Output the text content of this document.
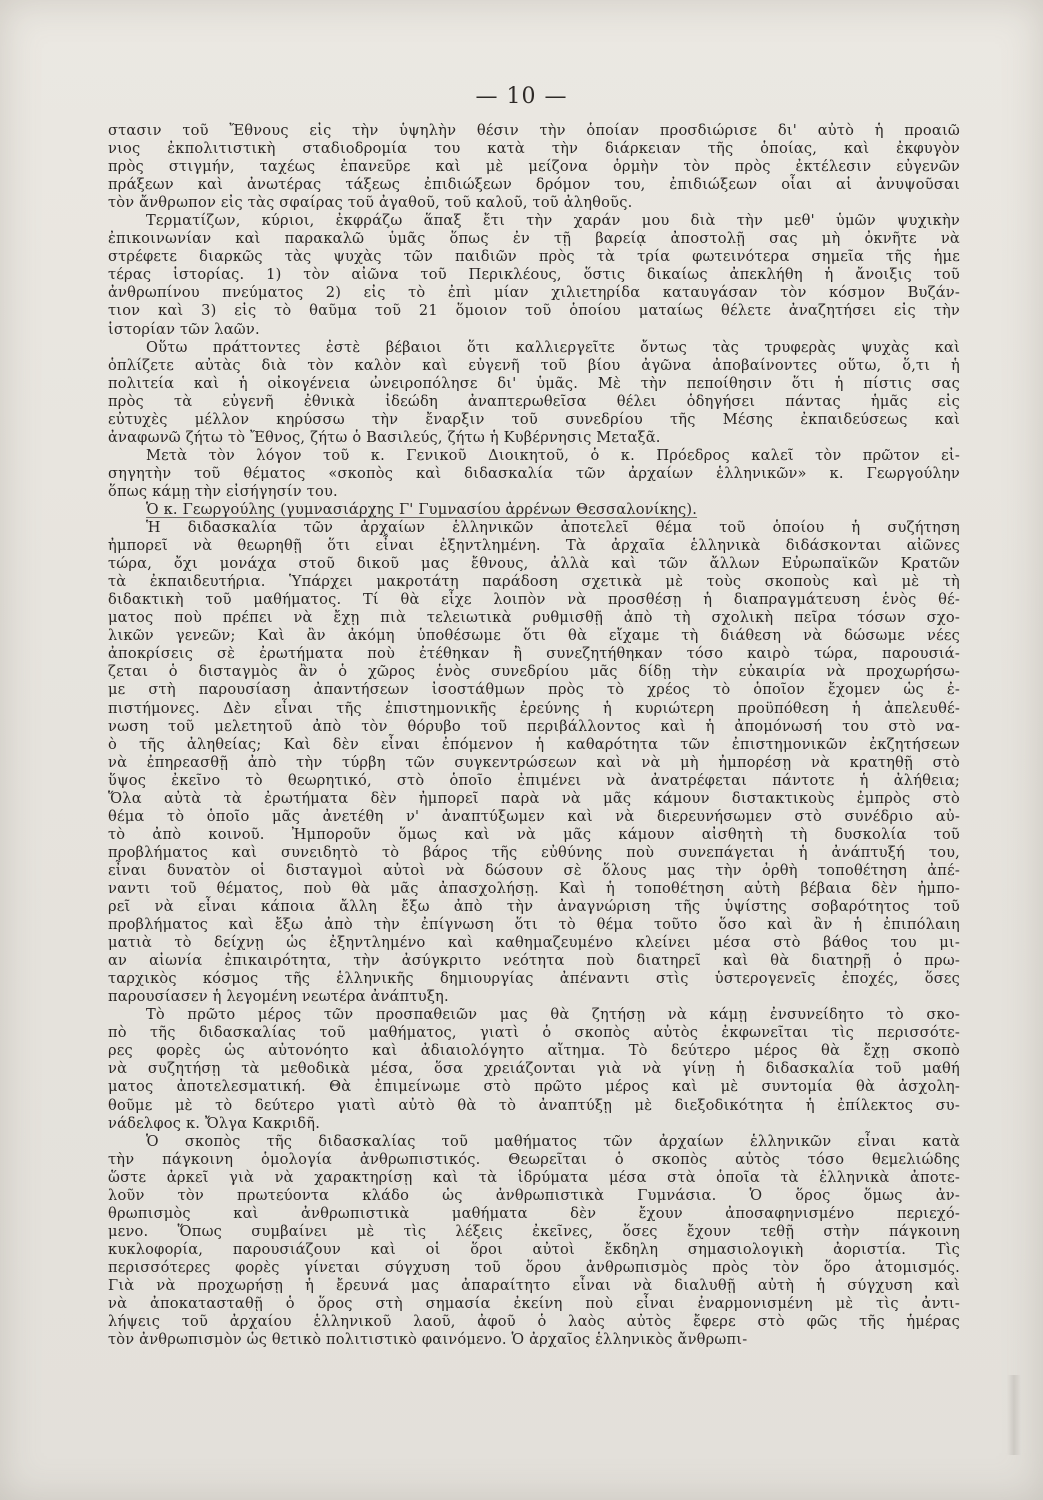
— 10 —
στασιν τοῦ Ἔθνους εἰς τὴν ὑψηλὴν θέσιν τὴν ὁποίαν προσδιώρισε δι' αὐτὸ ἡ προαιῶ
νιος ἐκπολιτιστικὴ σταδιοδρομία του κατὰ τὴν διάρκειαν τῆς ὁποίας, καὶ ἐκφυγὸν
πρὸς στιγμήν, ταχέως ἐπανεῦρε καὶ μὲ μείζονα ὁρμὴν τὸν πρὸς ἐκτέλεσιν εὐγενῶν
πράξεων καὶ ἀνωτέρας τάξεως ἐπιδιώξεων δρόμον του, ἐπιδιώξεων οἷαι αἱ ἀνυψοῦσαι
τὸν ἄνθρωπον εἰς τὰς σφαίρας τοῦ ἀγαθοῦ, τοῦ καλοῦ, τοῦ ἀληθοῦς.
Τερματίζων, κύριοι, ἐκφράζω ἅπαξ ἔτι τὴν χαράν μου διὰ τὴν μεθ' ὑμῶν ψυχικὴν
ἐπικοινωνίαν καὶ παρακαλῶ ὑμᾶς ὅπως ἐν τῇ βαρείᾳ ἀποστολῇ σας μὴ ὀκνῆτε νὰ
στρέφετε διαρκῶς τὰς ψυχὰς τῶν παιδιῶν πρὸς τὰ τρία φωτεινότερα σημεῖα τῆς ἡμε
τέρας ἱστορίας. 1) τὸν αἰῶνα τοῦ Περικλέους, ὅστις δικαίως ἀπεκλήθη ἡ ἄνοιξις τοῦ
ἀνθρωπίνου πνεύματος 2) εἰς τὸ ἐπὶ μίαν χιλιετηρίδα καταυγάσαν τὸν κόσμον Βυζάν-
τιον καὶ 3) εἰς τὸ θαῦμα τοῦ 21 ὅμοιον τοῦ ὁποίου ματαίως θέλετε ἀναζητήσει εἰς τὴν
ἱστορίαν τῶν λαῶν.
Οὕτω πράττοντες ἐστὲ βέβαιοι ὅτι καλλιεργεῖτε ὄντως τὰς τρυφερὰς ψυχὰς καὶ
ὁπλίζετε αὐτὰς διὰ τὸν καλὸν καὶ εὐγενῆ τοῦ βίου ἀγῶνα ἀποβαίνοντες οὕτω, ὅ,τι ἡ
πολιτεία καὶ ἡ οἰκογένεια ὠνειροπόλησε δι' ὑμᾶς. Μὲ τὴν πεποίθησιν ὅτι ἡ πίστις σας
πρὸς τὰ εὐγενῆ ἐθνικὰ ἰδεώδη ἀναπτερωθεῖσα θέλει ὁδηγήσει πάντας ἡμᾶς εἰς
εὐτυχὲς μέλλον κηρύσσω τὴν ἔναρξιν τοῦ συνεδρίου τῆς Μέσης ἐκπαιδεύσεως καὶ
ἀναφωνῶ ζήτω τὸ Ἔθνος, ζήτω ὁ Βασιλεύς, ζήτω ἡ Κυβέρνησις Μεταξᾶ.
Μετὰ τὸν λόγον τοῦ κ. Γενικοῦ Διοικητοῦ, ὁ κ. Πρόεδρος καλεῖ τὸν πρῶτον εἰ-
σηγητὴν τοῦ θέματος «σκοπὸς καὶ διδασκαλία τῶν ἀρχαίων ἑλληνικῶν» κ. Γεωργούλην
ὅπως κάμῃ τὴν εἰσήγησίν του.
Ὁ κ. Γεωργούλης (γυμνασιάρχης Γ' Γυμνασίου ἀρρένων Θεσσαλονίκης).
Ἡ διδασκαλία τῶν ἀρχαίων ἑλληνικῶν ἀποτελεῖ θέμα τοῦ ὁποίου ἡ συζήτηση
ἠμπορεῖ νὰ θεωρηθῇ ὅτι εἶναι ἐξηντλημένη. Τὰ ἀρχαῖα ἑλληνικὰ διδάσκονται αἰῶνες
τώρα, ὄχι μονάχα στοῦ δικοῦ μας ἔθνους, ἀλλὰ καὶ τῶν ἄλλων Εὐρωπαϊκῶν Κρατῶν
τὰ ἐκπαιδευτήρια. Ὑπάρχει μακροτάτη παράδοση σχετικὰ μὲ τοὺς σκοποὺς καὶ μὲ τὴ
διδακτικὴ τοῦ μαθήματος. Τί θὰ εἶχε λοιπὸν νὰ προσθέσῃ ἡ διαπραγμάτευση ἑνὸς θέ-
ματος ποὺ πρέπει νὰ ἔχῃ πιὰ τελειωτικὰ ρυθμισθῇ ἀπὸ τὴ σχολικὴ πεῖρα τόσων σχο-
λικῶν γενεῶν; Καὶ ἂν ἀκόμη ὑποθέσωμε ὅτι θὰ εἴχαμε τὴ διάθεση νὰ δώσωμε νέες
ἀποκρίσεις σὲ ἐρωτήματα ποὺ ἐτέθηκαν ἢ συνεζητήθηκαν τόσο καιρὸ τώρα, παρουσιά-
ζεται ὁ δισταγμὸς ἂν ὁ χῶρος ἑνὸς συνεδρίου μᾶς δίδῃ τὴν εὐκαιρία νὰ προχωρήσω-
με στὴ παρουσίαση ἀπαντήσεων ἰσοστάθμων πρὸς τὸ χρέος τὸ ὁποῖον ἔχομεν ὡς ἐ-
πιστήμονες. Δὲν εἶναι τῆς ἐπιστημονικῆς ἐρεύνης ἡ κυριώτερη προϋπόθεση ἡ ἀπελευθέ-
νωση τοῦ μελετητοῦ ἀπὸ τὸν θόρυβο τοῦ περιβάλλοντος καὶ ἡ ἀπομόνωσή του στὸ να-
ὸ τῆς ἀληθείας; Καὶ δὲν εἶναι ἐπόμενον ἡ καθαρότητα τῶν ἐπιστημονικῶν ἐκζητήσεων
νὰ ἐπηρεασθῇ ἀπὸ τὴν τύρβη τῶν συγκεντρώσεων καὶ νὰ μὴ ἠμπορέσῃ νὰ κρατηθῇ στὸ
ὕψος ἐκεῖνο τὸ θεωρητικό, στὸ ὁποῖο ἐπιμένει νὰ ἀνατρέφεται πάντοτε ἡ ἀλήθεια;
Ὅλα αὐτὰ τὰ ἐρωτήματα δὲν ἠμπορεῖ παρὰ νὰ μᾶς κάμουν διστακτικοὺς ἐμπρὸς στὸ
θέμα τὸ ὁποῖο μᾶς ἀνετέθη ν' ἀναπτύξωμεν καὶ νὰ διερευνήσωμεν στὸ συνέδριο αὐ-
τὸ ἀπὸ κοινοῦ. Ἠμποροῦν ὅμως καὶ νὰ μᾶς κάμουν αἰσθητὴ τὴ δυσκολία τοῦ
προβλήματος καὶ συνειδητὸ τὸ βάρος τῆς εὐθύνης ποὺ συνεπάγεται ἡ ἀνάπτυξή του,
εἶναι δυνατὸν οἱ δισταγμοὶ αὐτοὶ νὰ δώσουν σὲ ὅλους μας τὴν ὀρθὴ τοποθέτηση ἀπέ-
ναντι τοῦ θέματος, ποὺ θὰ μᾶς ἀπασχολήσῃ. Καὶ ἡ τοποθέτηση αὐτὴ βέβαια δὲν ἠμπο-
ρεῖ νὰ εἶναι κάποια ἄλλη ἔξω ἀπὸ τὴν ἀναγνώριση τῆς ὑψίστης σοβαρότητος τοῦ
προβλήματος καὶ ἔξω ἀπὸ τὴν ἐπίγνωση ὅτι τὸ θέμα τοῦτο ὅσο καὶ ἂν ἡ ἐπιπόλαιη
ματιὰ τὸ δείχνῃ ὡς ἐξηντλημένο καὶ καθημαζευμένο κλείνει μέσα στὸ βάθος του μι-
αν αἰωνία ἐπικαιρότητα, τὴν ἀσύγκριτο νεότητα ποὺ διατηρεῖ καὶ θὰ διατηρῇ ὁ πρω-
ταρχικὸς κόσμος τῆς ἑλληνικῆς δημιουργίας ἀπέναντι στὶς ὑστερογενεῖς ἐποχές, ὅσες
παρουσίασεν ἡ λεγομένη νεωτέρα ἀνάπτυξη.
Τὸ πρῶτο μέρος τῶν προσπαθειῶν μας θὰ ζητήσῃ νὰ κάμῃ ἐνσυνείδητο τὸ σκο-
πὸ τῆς διδασκαλίας τοῦ μαθήματος, γιατὶ ὁ σκοπὸς αὐτὸς ἐκφωνεῖται τὶς περισσότε-
ρες φορὲς ὡς αὐτονόητο καὶ ἀδιαιολόγητο αἴτημα. Τὸ δεύτερο μέρος θὰ ἔχῃ σκοπὸ
νὰ συζητήσῃ τὰ μεθοδικὰ μέσα, ὅσα χρειάζονται γιὰ νὰ γίνῃ ἡ διδασκαλία τοῦ μαθή
ματος ἀποτελεσματική. Θὰ ἐπιμείνωμε στὸ πρῶτο μέρος καὶ μὲ συντομία θὰ ἀσχολη-
θοῦμε μὲ τὸ δεύτερο γιατὶ αὐτὸ θὰ τὸ ἀναπτύξῃ μὲ διεξοδικότητα ἡ ἐπίλεκτος συ-
νάδελφος κ. Ὄλγα Κακριδῆ.
Ὁ σκοπὸς τῆς διδασκαλίας τοῦ μαθήματος τῶν ἀρχαίων ἑλληνικῶν εἶναι κατὰ
τὴν πάγκοινη ὁμολογία ἀνθρωπιστικός. Θεωρεῖται ὁ σκοπὸς αὐτὸς τόσο θεμελιώδης
ὥστε ἀρκεῖ γιὰ νὰ χαρακτηρίσῃ καὶ τὰ ἱδρύματα μέσα στὰ ὁποῖα τὰ ἑλληνικὰ ἀποτε-
λοῦν τὸν πρωτεύοντα κλάδο ὡς ἀνθρωπιστικὰ Γυμνάσια. Ὁ ὅρος ὅμως ἀν-
θρωπισμὸς καὶ ἀνθρωπιστικὰ μαθήματα δὲν ἔχουν ἀποσαφηνισμένο περιεχό-
μενο. Ὅπως συμβαίνει μὲ τὶς λέξεις ἐκεῖνες, ὅσες ἔχουν τεθῇ στὴν πάγκοινη
κυκλοφορία, παρουσιάζουν καὶ οἱ ὅροι αὐτοὶ ἔκδηλη σημασιολογικὴ ἀοριστία. Τὶς
περισσότερες φορὲς γίνεται σύγχυση τοῦ ὅρου ἀνθρωπισμὸς πρὸς τὸν ὅρο ἀτομισμός.
Γιὰ νὰ προχωρήσῃ ἡ ἔρευνά μας ἀπαραίτητο εἶναι νὰ διαλυθῇ αὐτὴ ἡ σύγχυση καὶ
νὰ ἀποκατασταθῇ ὁ ὅρος στὴ σημασία ἐκείνη ποὺ εἶναι ἐναρμονισμένη μὲ τὶς ἀντι-
λήψεις τοῦ ἀρχαίου ἑλληνικοῦ λαοῦ, ἀφοῦ ὁ λαὸς αὐτὸς ἔφερε στὸ φῶς τῆς ἡμέρας
τὸν ἀνθρωπισμὸν ὡς θετικὸ πολιτιστικὸ φαινόμενο. Ὁ ἀρχαῖος ἑλληνικὸς ἄνθρωπι-
